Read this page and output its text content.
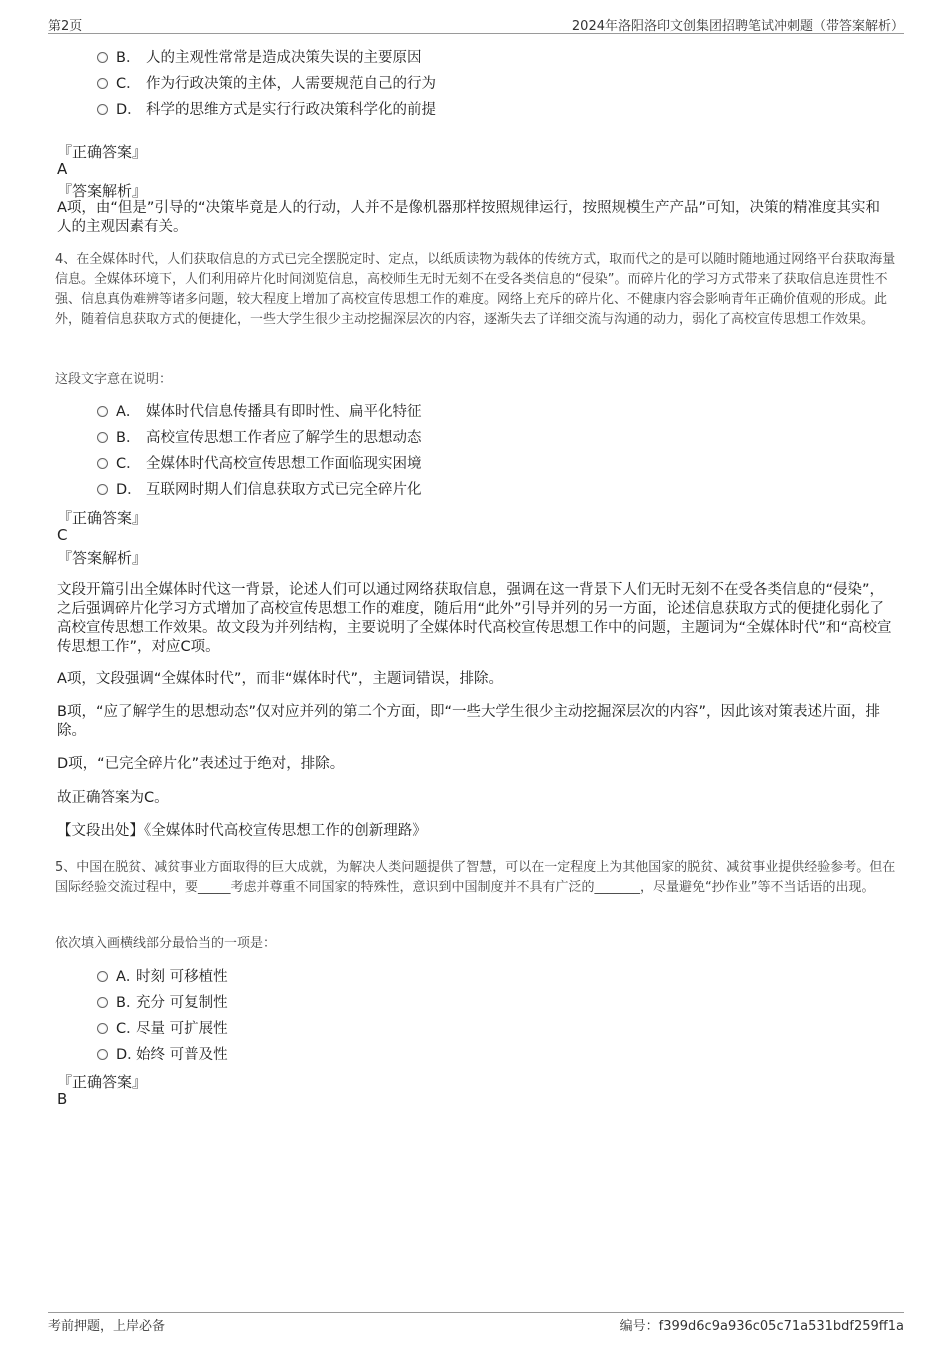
第2页	2024年洛阳洛印文创集团招聘笔试冲刺题（带答案解析）
B． 人的主观性常常是造成决策失误的主要原因
C． 作为行政决策的主体，人需要规范自己的行为
D． 科学的思维方式是实行行政决策科学化的前提
『正确答案』
A
『答案解析』
A项，由“但是”引导的“决策毕竟是人的行动，人并不是像机器那样按照规律运行，按照规模生产产品”可知，决策的精准度其实和人的主观因素有关。
4、在全媒体时代，人们获取信息的方式已完全摆脱定时、定点，以纸质读物为载体的传统方式，取而代之的是可以随时随地通过网络平台获取海量信息。全媒体环境下，人们利用碎片化时间浏览信息，高校师生无时无刻不在受各类信息的“侵染”。而碎片化的学习方式带来了获取信息连贯性不强、信息真伪难辨等诸多问题，较大程度上增加了高校宣传思想工作的难度。网络上充斥的碎片化、不健康内容会影响青年正确价值观的形成。此外，随着信息获取方式的便捷化，一些大学生很少主动挖掘深层次的内容，逐渐失去了详细交流与沟通的动力，弱化了高校宣传思想工作效果。
这段文字意在说明：
A． 媒体时代信息传播具有即时性、扁平化特征
B． 高校宣传思想工作者应了解学生的思想动态
C． 全媒体时代高校宣传思想工作面临现实困境
D． 互联网时期人们信息获取方式已完全碎片化
『正确答案』
C
『答案解析』
文段开篇引出全媒体时代这一背景，论述人们可以通过网络获取信息，强调在这一背景下人们无时无刻不在受各类信息的“侵染”，之后强调碎片化学习方式增加了高校宣传思想工作的难度，随后用“此外”引导并列的另一方面，论述信息获取方式的便捷化弱化了高校宣传思想工作效果。故文段为并列结构，主要说明了全媒体时代高校宣传思想工作中的问题，主题词为“全媒体时代”和“高校宣传思想工作”，对应C项。
A项，文段强调“全媒体时代”，而非“媒体时代”，主题词错误，排除。
B项，“应了解学生的思想动态”仅对应并列的第二个方面，即“一些大学生很少主动挖掘深层次的内容”，因此该对策表述片面，排除。
D项，“已完全碎片化”表述过于绝对，排除。
故正确答案为C。
【文段出处】《全媒体时代高校宣传思想工作的创新理路》
5、中国在脱贫、减贫事业方面取得的巨大成就，为解决人类问题提供了智慧，可以在一定程度上为其他国家的脱贫、减贫事业提供经验参考。但在国际经验交流过程中，要_____考虑并尊重不同国家的特殊性，意识到中国制度并不具有广泛的_______，尽量避免“抄作业”等不当话语的出现。
依次填入画横线部分最恰当的一项是：
A．时刻 可移植性
B．充分 可复制性
C．尽量 可扩展性
D．始终 可普及性
『正确答案』
B
考前押题，上岸必备	编号：f399d6c9a936c05c71a531bdf259ff1a
